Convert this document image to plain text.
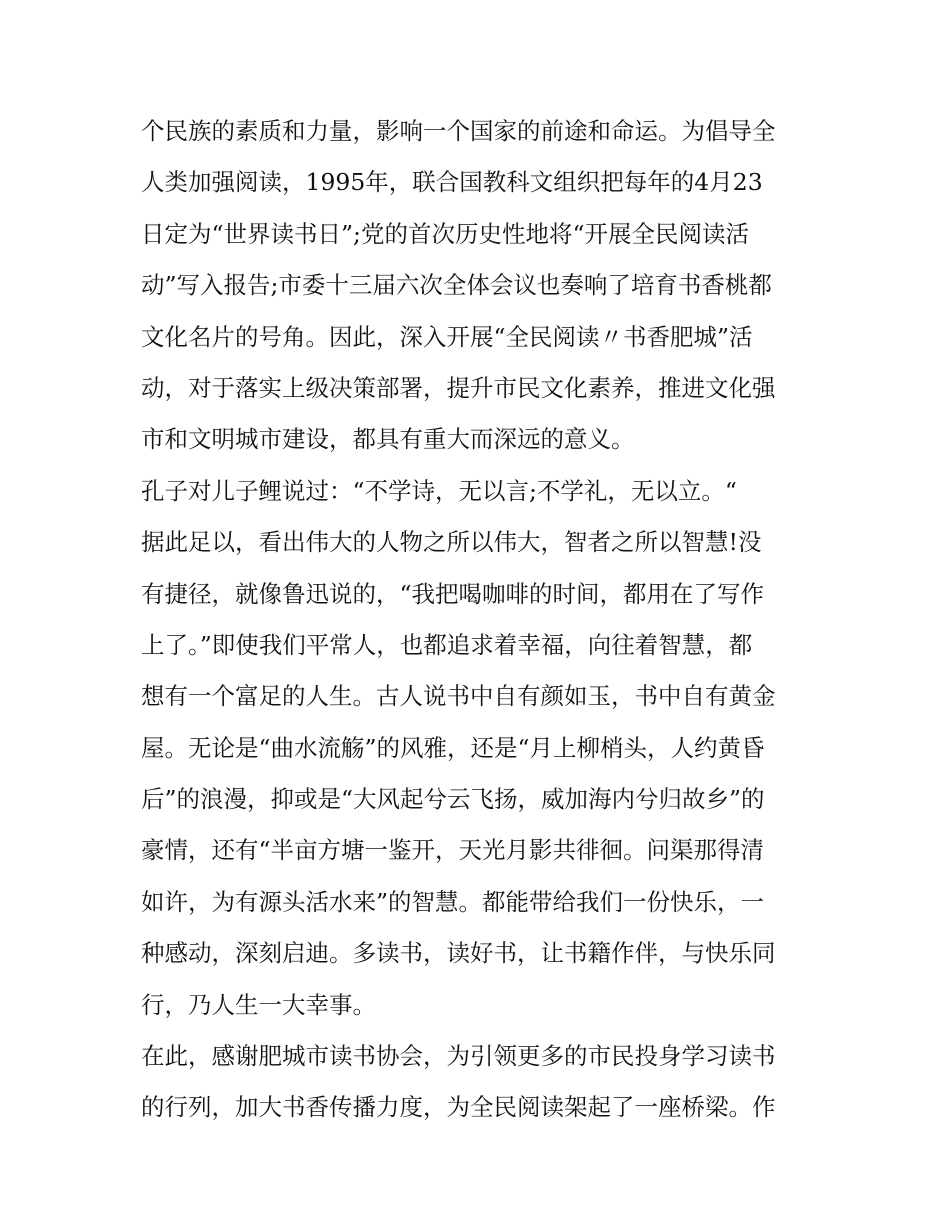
个民族的素质和力量，影响一个国家的前途和命运。为倡导全
人类加强阅读，1995年，联合国教科文组织把每年的4月23
日定为“世界读书日”;党的首次历史性地将“开展全民阅读活
动”写入报告;市委十三届六次全体会议也奏响了培育书香桃都
文化名片的号角。因此，深入开展“全民阅读〃书香肥城”活
动，对于落实上级决策部署，提升市民文化素养，推进文化强
市和文明城市建设，都具有重大而深远的意义。
孔子对儿子鲤说过：“不学诗，无以言;不学礼，无以立。“
据此足以，看出伟大的人物之所以伟大，智者之所以智慧!没
有捷径，就像鲁迅说的，“我把喝咖啡的时间，都用在了写作
上了。”即使我们平常人，也都追求着幸福，向往着智慧，都
想有一个富足的人生。古人说书中自有颜如玉，书中自有黄金
屋。无论是“曲水流觞”的风雅，还是“月上柳梢头，人约黄昏
后”的浪漫，抑或是“大风起兮云飞扬，威加海内兮归故乡”的
豪情，还有“半亩方塘一鉴开，天光月影共徘徊。问渠那得清
如许，为有源头活水来”的智慧。都能带给我们一份快乐，一
种感动，深刻启迪。多读书，读好书，让书籍作伴，与快乐同
行，乃人生一大幸事。
在此，感谢肥城市读书协会，为引领更多的市民投身学习读书
的行列，加大书香传播力度，为全民阅读架起了一座桥梁。作
